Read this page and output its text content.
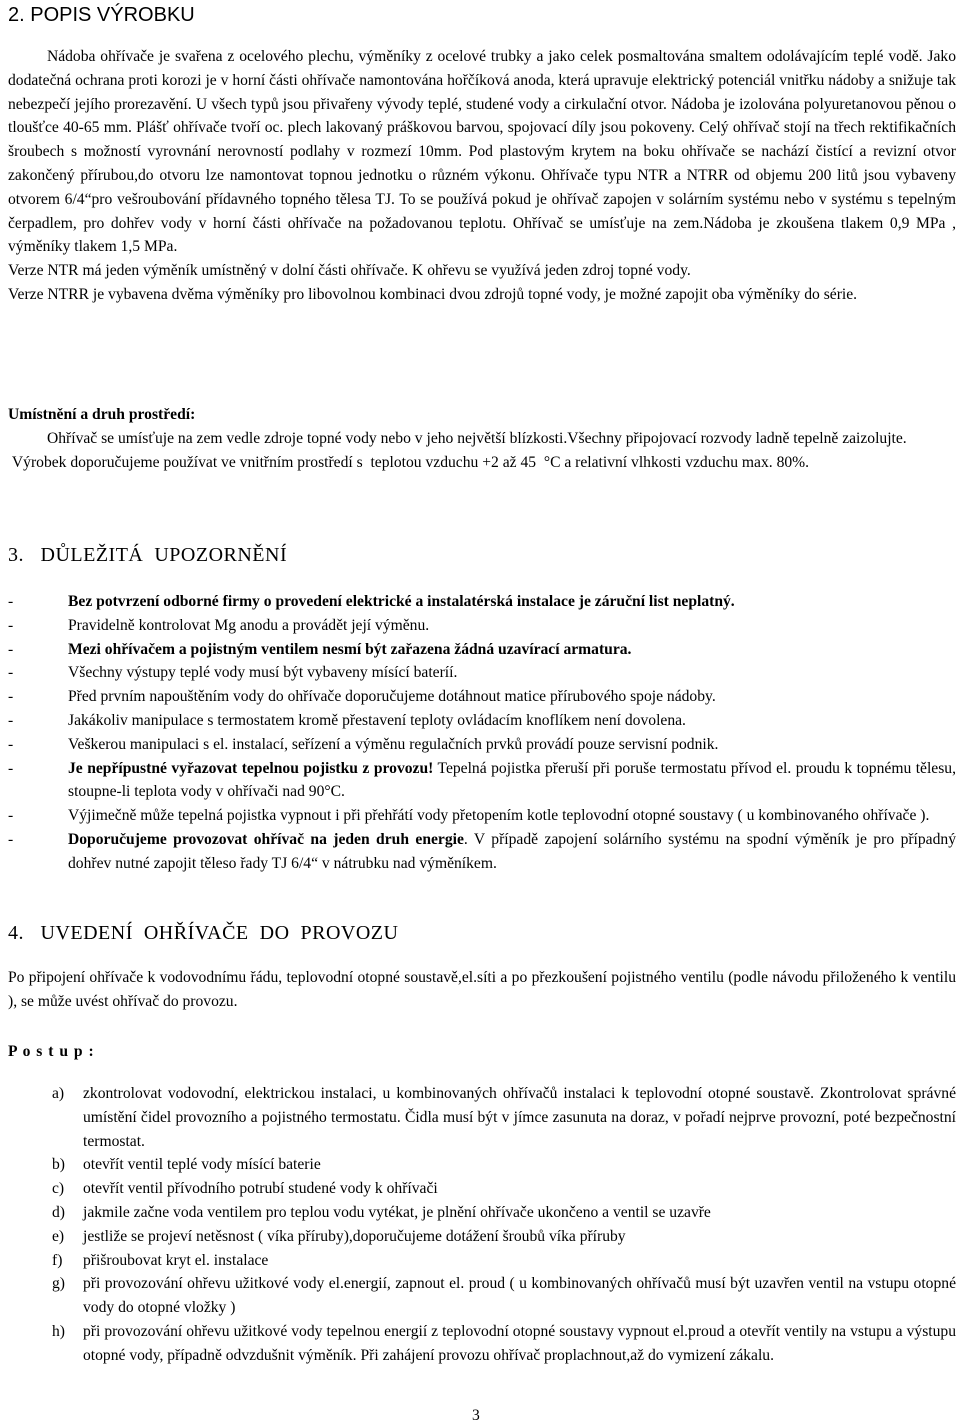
2. POPIS VÝROBKU

Nádoba ohřívače je svařena z ocelového plechu, výměníky z ocelové trubky a jako celek posmaltována smaltem odolávajícím teplé vodě. Jako dodatečná ochrana proti korozi je v horní části ohřívače namontována hořčíková anoda, která upravuje elektrický potenciál vnitřku nádoby a snižuje tak nebezpečí jejího prorezavění. U všech typů jsou přivařeny vývody teplé, studené vody a cirkulační otvor. Nádoba je izolována polyuretanovou pěnou o tloušťce 40-65 mm. Plášť ohřívače tvoří oc. plech lakovaný práškovou barvou, spojovací díly jsou pokoveny. Celý ohřívač stojí na třech rektifikačních šroubech s možností vyrovnání nerovností podlahy v rozmezí 10mm. Pod plastovým krytem na boku ohřívače se nachází čistící a revizní otvor zakončený přírubou,do otvoru lze namontovat topnou jednotku o různém výkonu. Ohřívače typu NTR a NTRR od objemu 200 litů jsou vybaveny otvorem 6/4“pro vešroubování přídavného topného tělesa TJ. To se používá pokud je ohřívač zapojen v solárním systému nebo v systému s tepelným čerpadlem, pro dohřev vody v horní části ohřívače na požadovanou teplotu. Ohřívač se umísťuje na zem.Nádoba je zkoušena tlakem 0,9 MPa , výměníky tlakem 1,5 MPa.

Verze NTR má jeden výměník umístněný v dolní části ohřívače. K ohřevu se využívá jeden zdroj topné vody.

Verze NTRR je vybavena dvěma výměníky pro libovolnou kombinaci dvou zdrojů topné vody, je možné zapojit oba výměníky do série.

Umístnění a druh prostředí:

Ohřívač se umísťuje na zem vedle zdroje topné vody nebo v jeho největší blízkosti.Všechny připojovací rozvody ladně tepelně zaizolujte.

Výrobek doporučujeme používat ve vnitřním prostředí s  teplotou vzduchu +2 až 45  °C a relativní vlhkosti vzduchu max. 80%.

3.   DŮLEŽITÁ  UPOZORNĚNÍ

-	Bez potvrzení odborné firmy o provedení elektrické a instalatérská instalace je záruční list neplatný.
-	Pravidelně kontrolovat Mg anodu a provádět její výměnu.
-	Mezi ohřívačem a pojistným ventilem nesmí být zařazena žádná uzavírací armatura.
-	Všechny výstupy teplé vody musí být vybaveny mísící bateríí.
-	Před prvním napouštěním vody do ohřívače doporučujeme dotáhnout matice přírubového spoje nádoby.
-	Jakákoliv manipulace s termostatem kromě přestavení teploty ovládacím knoflíkem není dovolena.
-	Veškerou manipulaci s el. instalací, seřízení a výměnu regulačních prvků provádí pouze servisní podnik.
-	Je nepřípustné vyřazovat tepelnou pojistku z provozu! Tepelná pojistka přeruší při poruše termostatu přívod el. proudu k topnému tělesu, stoupne-li teplota vody v ohřívači nad 90°C.
-	Výjimečně může tepelná pojistka vypnout i při přehřátí vody přetopením kotle teplovodní otopné soustavy ( u kombinovaného ohřívače ).
-	Doporučujeme provozovat ohřívač na jeden druh energie. V případě zapojení solárního systému na spodní výměník je pro případný dohřev nutné zapojit těleso řady TJ 6/4“ v nátrubku nad výměníkem.

4.   UVEDENÍ  OHŘÍVAČE  DO  PROVOZU

Po připojení ohřívače k vodovodnímu řádu, teplovodní otopné soustavě,el.síti a po přezkoušení pojistného ventilu (podle návodu přiloženého k ventilu ), se může uvést ohřívač do provozu.

P o s t u p :

a) zkontrolovat vodovodní, elektrickou instalaci, u kombinovaných ohřívačů instalaci k teplovodní otopné soustavě. Zkontrolovat správné umístění čidel provozního a pojistného termostatu. Čidla musí být v jímce zasunuta na doraz, v pořadí nejprve provozní, poté bezpečnostní termostat.
b) otevřít ventil teplé vody mísící baterie
c) otevřít ventil přívodního potrubí studené vody k ohřívači
d) jakmile začne voda ventilem pro teplou vodu vytékat, je plnění ohřívače ukončeno a ventil se uzavře
e) jestliže se projeví netěsnost ( víka příruby),doporučujeme dotážení šroubů víka příruby
f) přišroubovat kryt el. instalace
g) při provozování ohřevu užitkové vody el.energií, zapnout el. proud ( u kombinovaných ohřívačů musí být uzavřen ventil na vstupu otopné vody do otopné vložky )
h) při provozování ohřevu užitkové vody tepelnou energií z teplovodní otopné soustavy vypnout el.proud a otevřít ventily na vstupu a výstupu otopné vody, případně odvzdušnit výměník. Při zahájení provozu ohřívač proplachnout,až do vymizení zákalu.
3
